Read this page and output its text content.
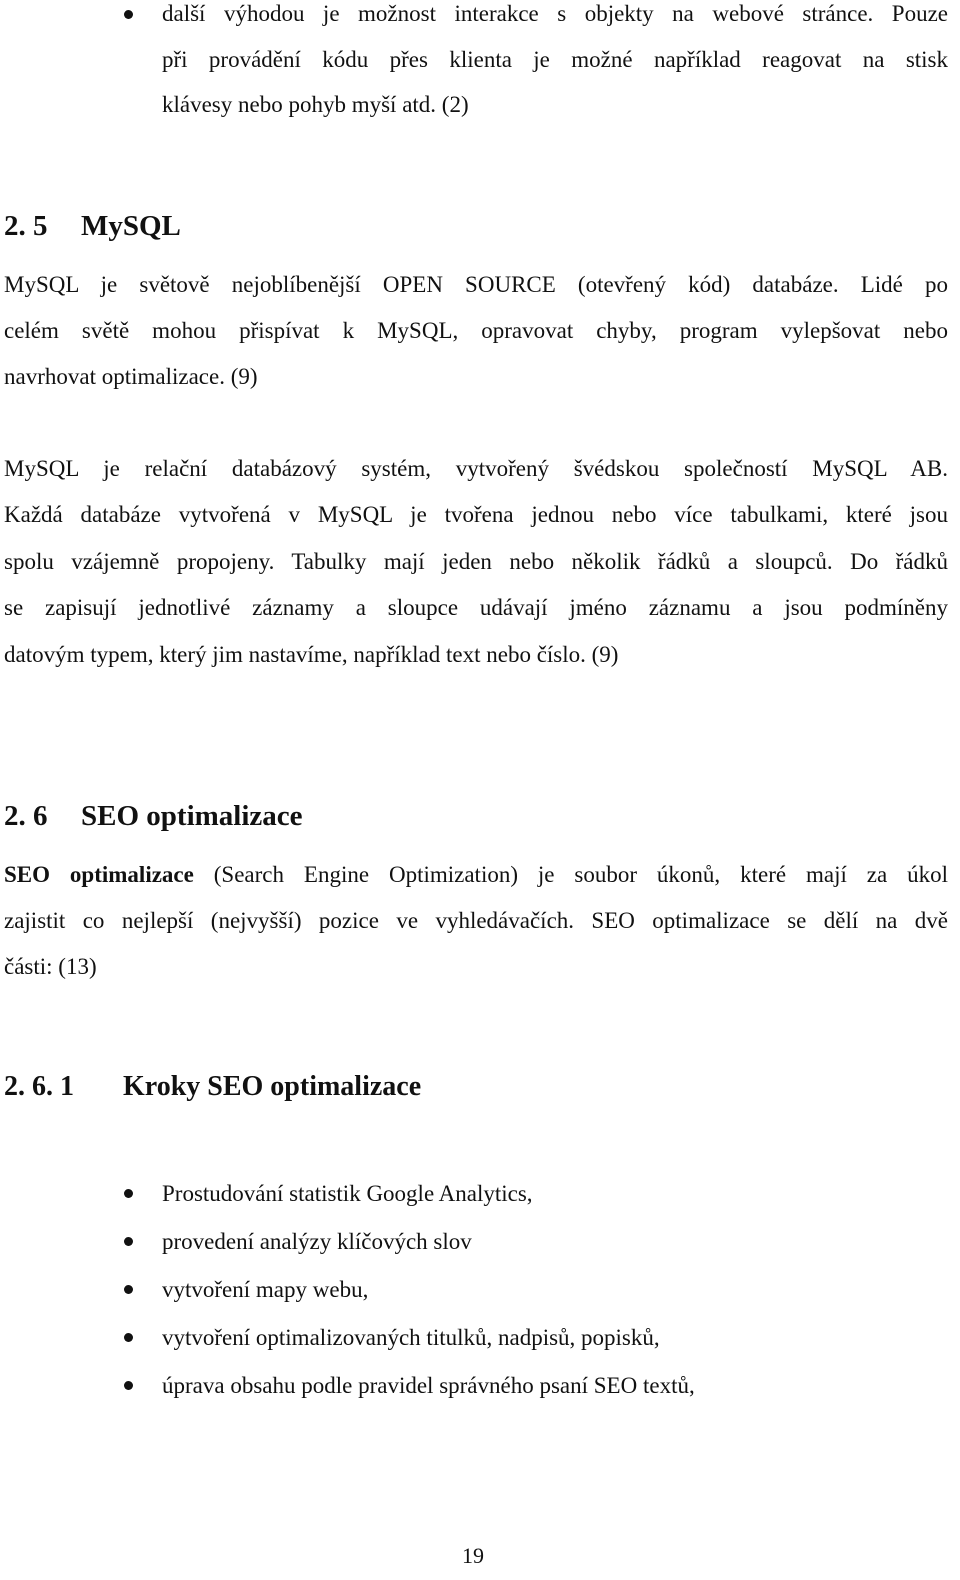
další výhodou je možnost interakce s objekty na webové stránce. Pouze
při provádění kódu přes klienta je možné například reagovat na stisk
klávesy nebo pohyb myší atd. (2)
2. 5 MySQL
MySQL je světově nejoblíbenější OPEN SOURCE (otevřený kód) databáze. Lidé po
celém světě mohou přispívat k MySQL, opravovat chyby, program vylepšovat nebo
navrhovat optimalizace. (9)
MySQL je relační databázový systém, vytvořený švédskou společností MySQL AB.
Každá databáze vytvořená v MySQL je tvořena jednou nebo více tabulkami, které jsou
spolu vzájemně propojeny. Tabulky mají jeden nebo několik řádků a sloupců. Do řádků
se zapisují jednotlivé záznamy a sloupce udávají jméno záznamu a jsou podmíněny
datovým typem, který jim nastavíme, například text nebo číslo. (9)
2. 6 SEO optimalizace
SEO optimalizace (Search Engine Optimization) je soubor úkonů, které mají za úkol
zajistit co nejlepší (nejvyšší) pozice ve vyhledávačích. SEO optimalizace se dělí na dvě
části: (13)
2. 6. 1 Kroky SEO optimalizace
Prostudování statistik Google Analytics,
provedení analýzy klíčových slov
vytvoření mapy webu,
vytvoření optimalizovaných titulků, nadpisů, popisků,
úprava obsahu podle pravidel správného psaní SEO textů,
19
